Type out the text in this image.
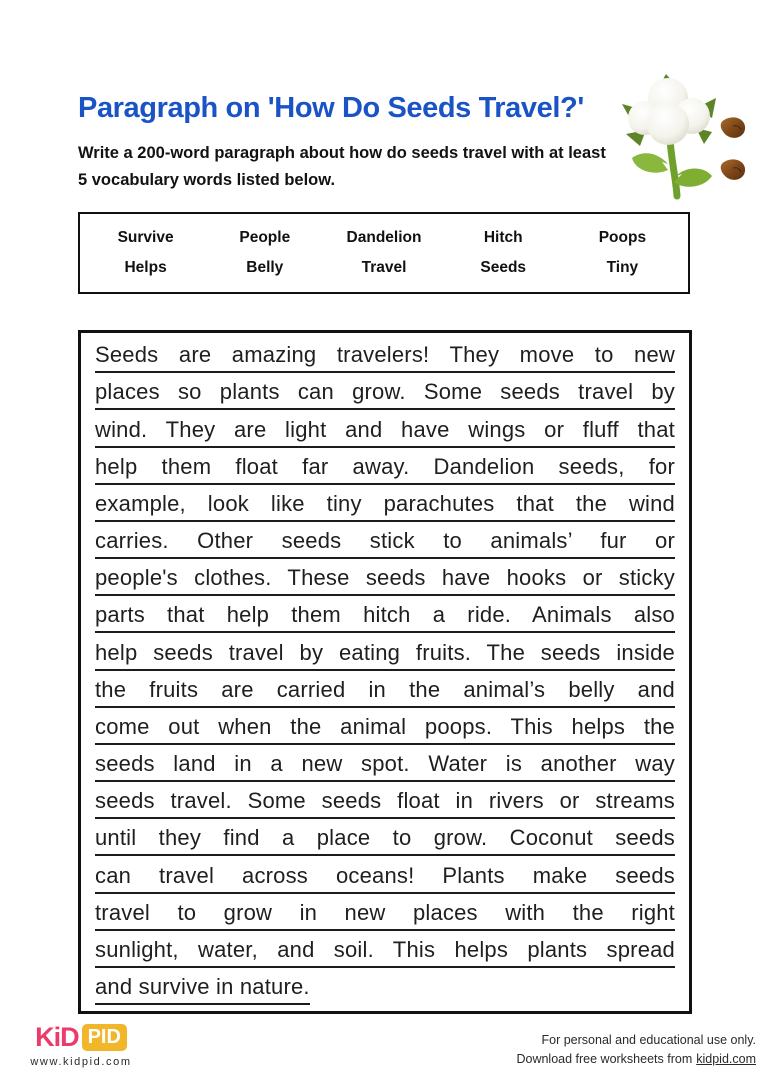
Paragraph on 'How Do Seeds Travel?'
Write a 200-word paragraph about how do seeds travel with at least
5 vocabulary words listed below.
Survive	People	Dandelion	Hitch	Poops
Helps	Belly	Travel	Seeds	Tiny
Seeds are amazing travelers! They move to new
places so plants can grow. Some seeds travel by
wind. They are light and have wings or fluff that
help them float far away. Dandelion seeds, for
example, look like tiny parachutes that the wind
carries. Other seeds stick to animals’ fur or
people's clothes. These seeds have hooks or sticky
parts that help them hitch a ride. Animals also
help seeds travel by eating fruits. The seeds inside
the fruits are carried in the animal’s belly and
come out when the animal poops. This helps the
seeds land in a new spot. Water is another way
seeds travel. Some seeds float in rivers or streams
until they find a place to grow. Coconut seeds
can travel across oceans! Plants make seeds
travel to grow in new places with the right
sunlight, water, and soil. This helps plants spread
and survive in nature.
KiD PID
www.kidpid.com
For personal and educational use only.
Download free worksheets from kidpid.com
